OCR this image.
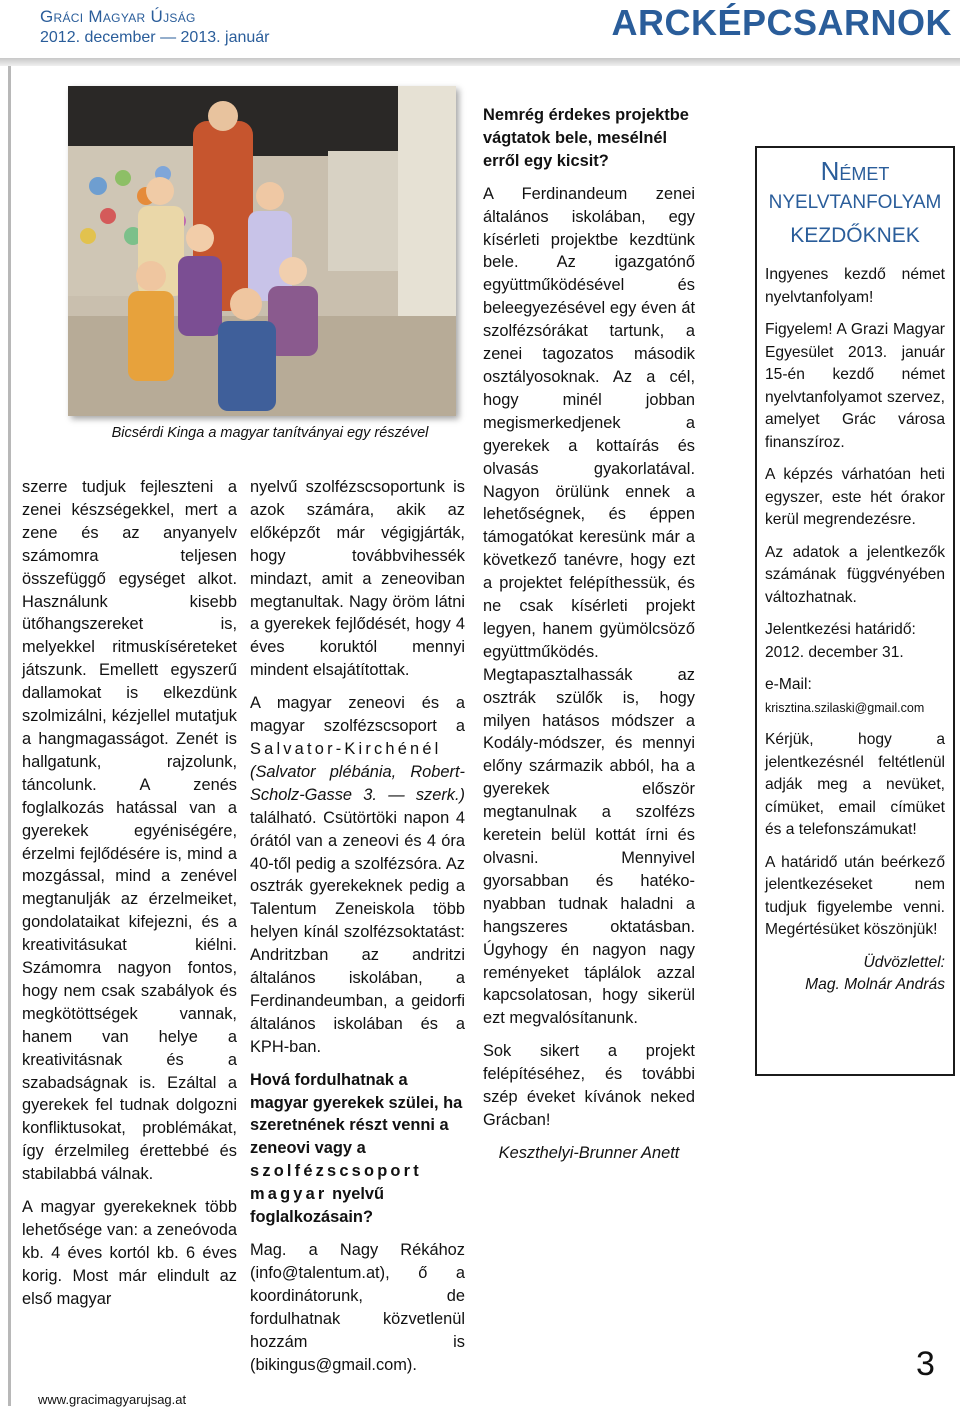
Gráci Magyar Újság
2012. december — 2013. január	ARCKÉPCSARNOK
Bicsérdi Kinga a magyar tanítványai egy részével

szerre tudjuk fejleszteni a zenei készségekkel, mert a zene és az anyanyelv számomra teljesen összefüggő egységet alkot. Használunk kisebb ütőhangszereket is, melyekkel ritmuskíséreteket játszunk. Emellett egyszerű dallamokat is elkezdünk szolmizálni, kézjellel mutatjuk a hangmagasságot. Zenét is hallgatunk, rajzolunk, táncolunk. A zenés foglalkozás hatással van a gyerekek egyéniségére, érzelmi fejlődésére is, mind a mozgással, mind a zenével megtanulják az érzelmeiket, gondolataikat kifejezni, és a kreativitásukat kiélni. Számomra nagyon fontos, hogy nem csak szabályok és megkötöttségek vannak, hanem van helye a kreativitásnak és a szabadságnak is. Ezáltal a gyerekek fel tudnak dolgozni konfliktusokat, problémákat, így érzelmileg érettebbé és stabilabbá válnak.

A magyar gyerekeknek több lehetősége van: a zeneóvoda kb. 4 éves kortól kb. 6 éves korig. Most már elindult az első magyar

nyelvű szolfézscsoportunk is azok számára, akik az előképzőt már végigjárták, hogy továbbvihessék mindazt, amit a zeneoviban megtanultak. Nagy öröm látni a gyerekek fejlődését, hogy 4 éves koruktól mennyi mindent elsajátítottak.

A magyar zeneovi és a magyar szolfézscsoport a Salvator-Kirchénél (Salvator plébánia, Robert-Scholz-Gasse 3. — szerk.) található. Csütörtöki napon 4 órától van a zeneovi és 4 óra 40-től pedig a szolfézsóra. Az osztrák gyerekeknek pedig a Talentum Zeneiskola több helyen kínál szolfézsoktatást: Andritzban az andritzi általános iskolában, a Ferdinandeumban, a geidorfi általános iskolában és a KPH-ban.

Hová fordulhatnak a magyar gyerekek szülei, ha szeretnének részt venni a zeneovi vagy a szolfézscsoport magyar nyelvű foglalkozásain?

Mag. a Nagy Rékához (info@talentum.at), ő a koordinátorunk, de fordulhatnak közvetlenül hozzám is (bikingus@gmail.com).

Nemrég érdekes projektbe vágtatok bele, mesélnél erről egy kicsit?

A Ferdinandeum zenei általános iskolában, egy kísérleti projektbe kezdtünk bele. Az igazgatónő együttműködésével és beleegyezésével egy éven át szolfézsórákat tartunk, a zenei tagozatos második osztályosoknak. Az a cél, hogy minél jobban megismerkedjenek a gyerekek a kottaírás és olvasás gyakorlatával. Nagyon örülünk ennek a lehetőségnek, és éppen támogatókat keresünk már a következő tanévre, hogy ezt a projektet felépíthessük, és ne csak kísérleti projekt legyen, hanem gyümölcsöző együttműködés. Megtapasztalhassák az osztrák szülők is, hogy milyen hatásos módszer a Kodály-módszer, és mennyi előny származik abból, ha a gyerekek először megtanulnak a szolfézs keretein belül kottát írni és olvasni. Mennyivel gyorsabban és hatéko-nyabban tudnak haladni a hangszeres oktatásban. Úgyhogy én nagyon nagy reményeket táplálok azzal kapcsolatosan, hogy sikerül ezt megvalósítanunk.

Sok sikert a projekt felépítéséhez, és további szép éveket kívánok neked Grácban!

Keszthelyi-Brunner Anett

Német
NYELVTANFOLYAM
KEZDŐKNEK

Ingyenes kezdő német nyelvtanfolyam!

Figyelem! A Grazi Magyar Egyesület 2013. január 15-én kezdő német nyelvtanfolyamot szervez, amelyet Grác városa finanszíroz.

A képzés várhatóan heti egyszer, este hét órakor kerül megrendezésre.

Az adatok a jelentkezők számának függvényében változhatnak.

Jelentkezési határidő:
2012. december 31.

e-Mail:
krisztina.szilaski@gmail.com

Kérjük, hogy a jelentkezésnél feltétlenül adják meg a nevüket, címüket, email címüket és a telefonszámukat!

A határidő után beérkező jelentkezéseket nem tudjuk figyelembe venni. Megértésüket köszönjük!

Üdvözlettel:
Mag. Molnár András

www.gracimagyarujsag.at
3
